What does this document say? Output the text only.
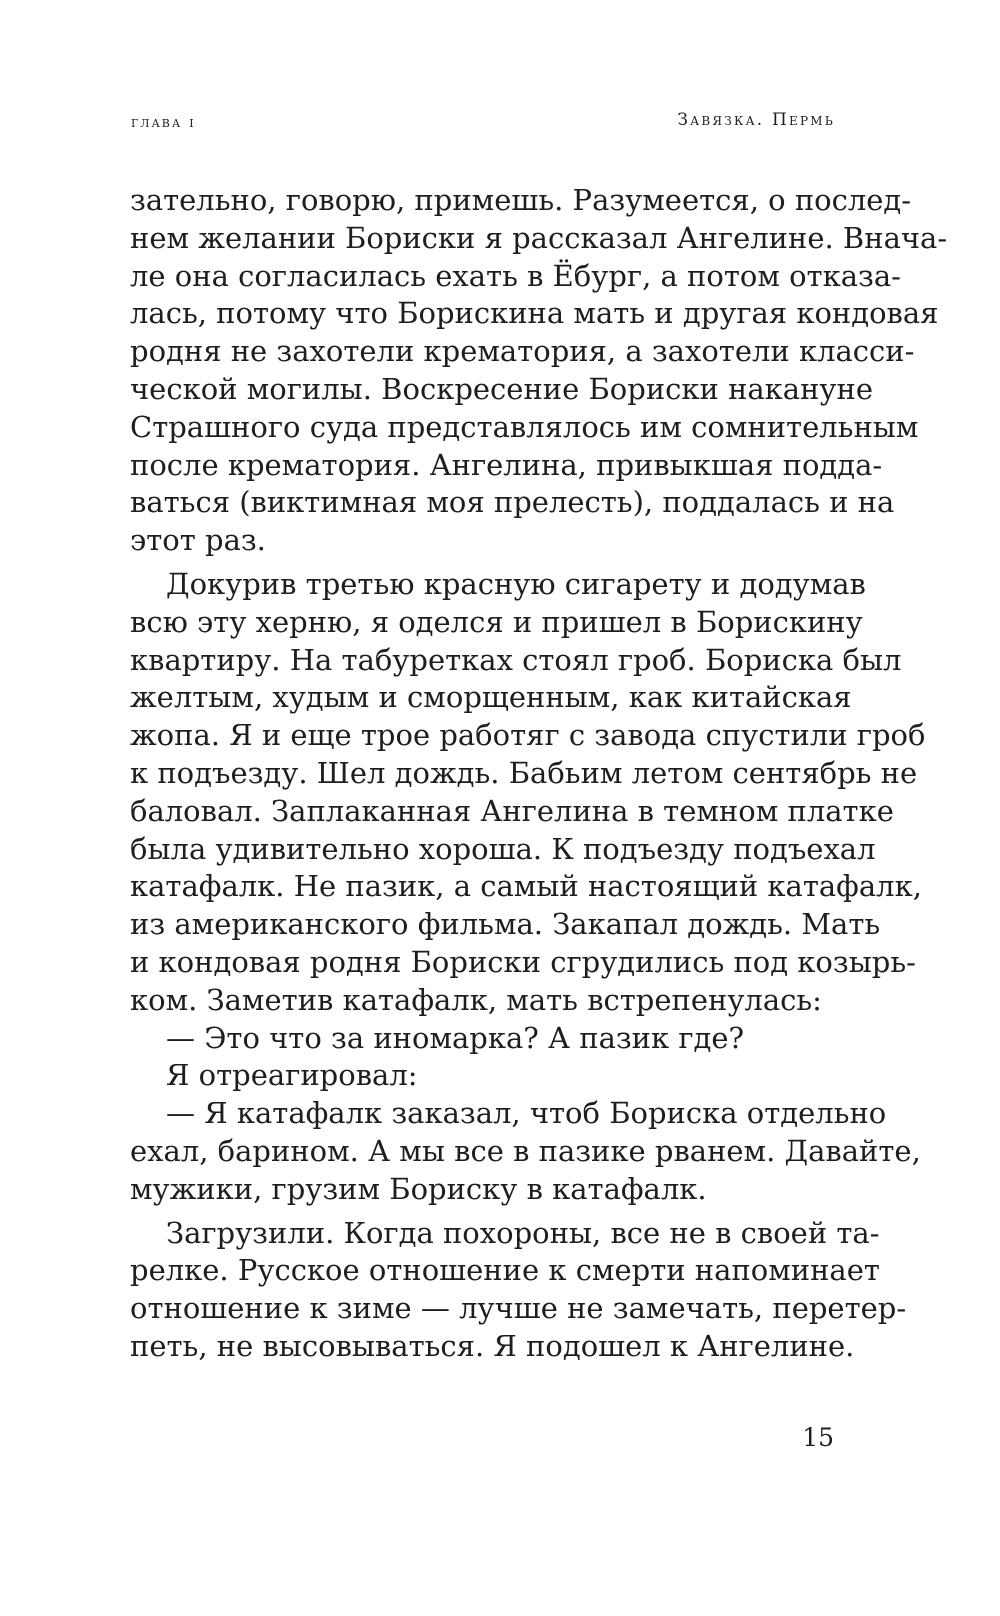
глава i	Завязка. Пермь
зательно, говорю, примешь. Разумеется, о послед-
нем желании Бориски я рассказал Ангелине. Внача-
ле она согласилась ехать в Ёбург, а потом отказа-
лась, потому что Борискина мать и другая кондовая
родня не захотели крематория, а захотели класси-
ческой могилы. Воскресение Бориски накануне
Страшного суда представлялось им сомнительным
после крематория. Ангелина, привыкшая подда-
ваться (виктимная моя прелесть), поддалась и на
этот раз.
Докурив третью красную сигарету и додумав
всю эту херню, я оделся и пришел в Борискину
квартиру. На табуретках стоял гроб. Бориска был
желтым, худым и сморщенным, как китайская
жопа. Я и еще трое работяг с завода спустили гроб
к подъезду. Шел дождь. Бабьим летом сентябрь не
баловал. Заплаканная Ангелина в темном платке
была удивительно хороша. К подъезду подъехал
катафалк. Не пазик, а самый настоящий катафалк,
из американского фильма. Закапал дождь. Мать
и кондовая родня Бориски сгрудились под козырь-
ком. Заметив катафалк, мать встрепенулась:
— Это что за иномарка? А пазик где?
Я отреагировал:
— Я катафалк заказал, чтоб Бориска отдельно
ехал, барином. А мы все в пазике рванем. Давайте,
мужики, грузим Бориску в катафалк.
Загрузили. Когда похороны, все не в своей та-
релке. Русское отношение к смерти напоминает
отношение к зиме — лучше не замечать, перетер-
петь, не высовываться. Я подошел к Ангелине.
15
